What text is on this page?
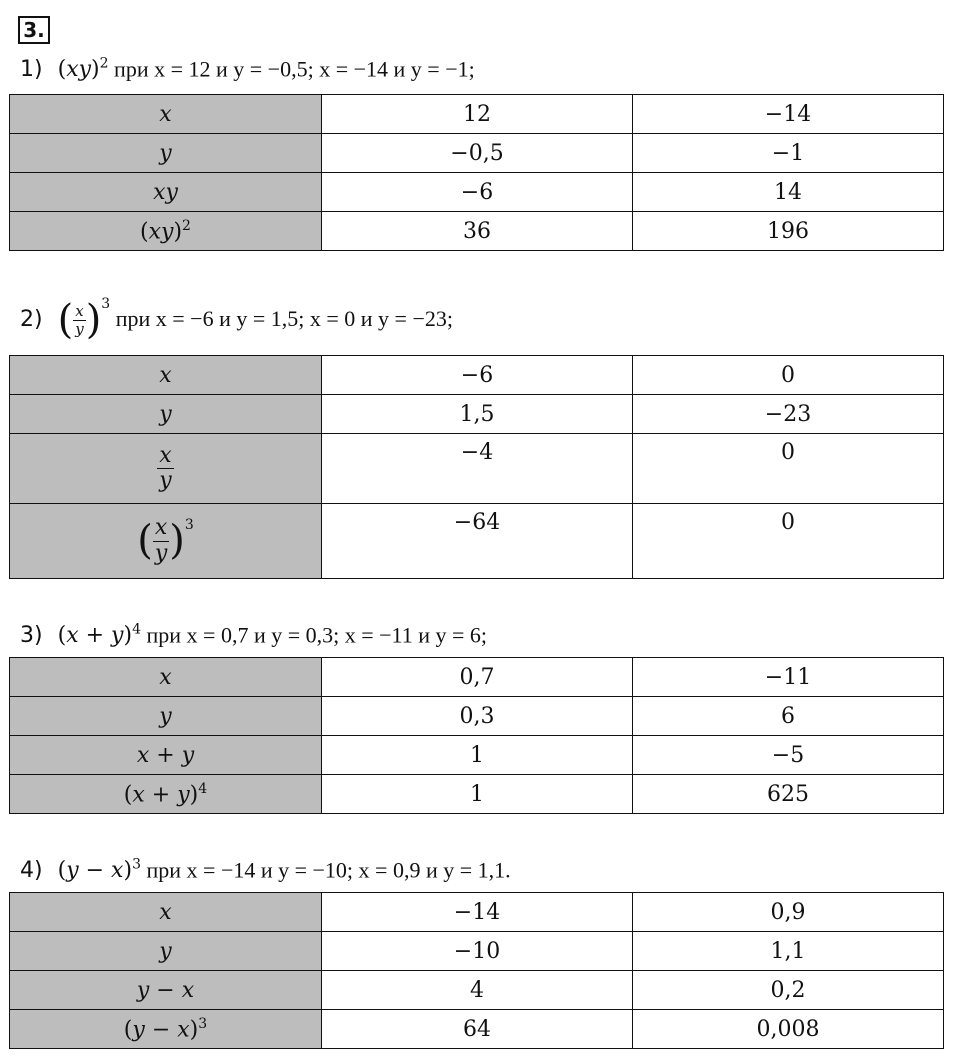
3.
1) (xy)$^2$ при x = 12 и y = −0,5; x = −14 и y = −1;
x	12	−14
y	−0,5	−1
xy	−6	14
(xy)$^2$	36	196
2) ( $\frac{x}{y} )^3$ при x = −6 и y = 1,5; x = 0 и y = −23;
x	−6	0
y	1,5	−23

$\frac{x}{y}$	−4	0
( $\frac{x}{y} )^3$	−64	0
3) $(x + y)^4$ при x = 0,7 и y = 0,3; x = −11 и y = 6;
x	0,7	−11
y	0,3	6
x + y	1	−5
$(x + y)^4$	1	625
4) $(y - x)^3$ при x = −14 и y = −10; x = 0,9 и y = 1,1.
x	−14	0,9
y	−10	1,1
y − x	4	0,2
$(y - x)^3$	64	0,008
